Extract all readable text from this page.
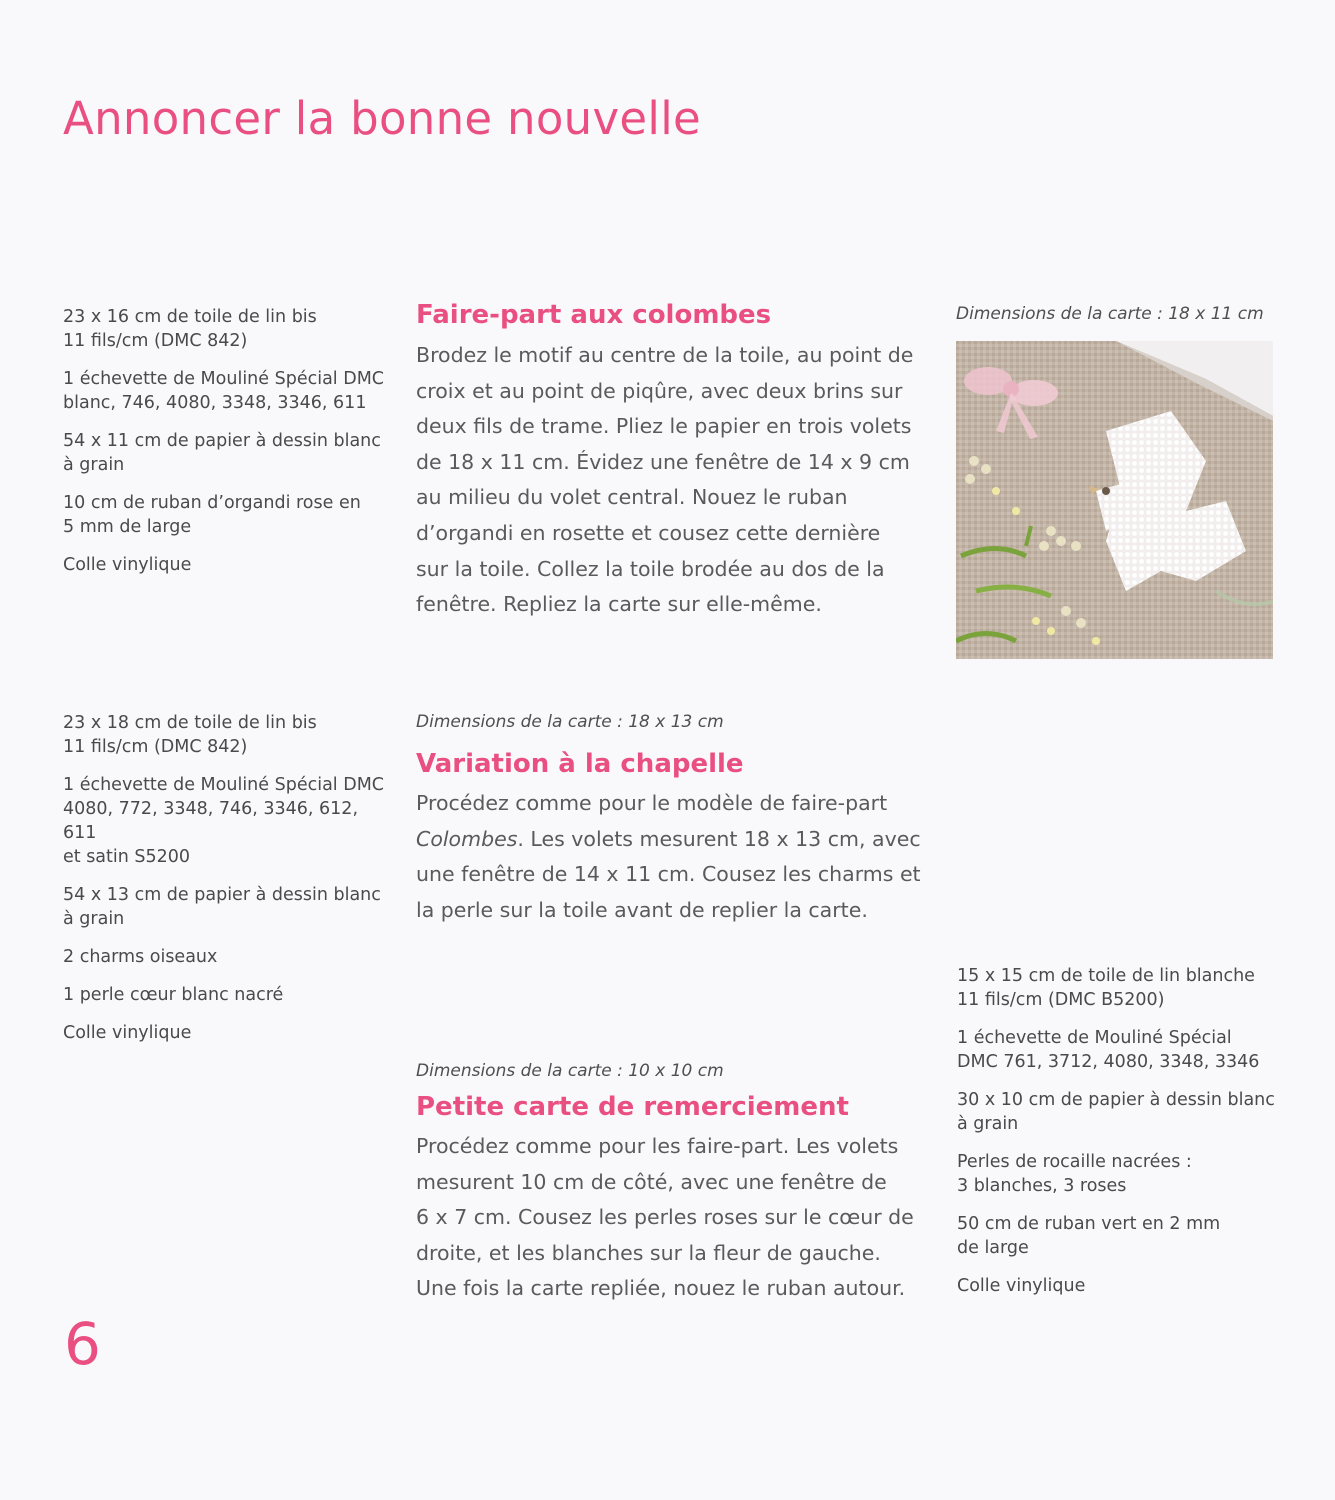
Annoncer la bonne nouvelle
23 x 16 cm de toile de lin bis
11 fils/cm (DMC 842)
1 échevette de Mouliné Spécial DMC
blanc, 746, 4080, 3348, 3346, 611
54 x 11 cm de papier à dessin blanc
à grain
10 cm de ruban d’organdi rose en
5 mm de large
Colle vinylique
Faire-part aux colombes

Brodez le motif au centre de la toile, au point de
croix et au point de piqûre, avec deux brins sur
deux fils de trame. Pliez le papier en trois volets
de 18 x 11 cm. Évidez une fenêtre de 14 x 9 cm
au milieu du volet central. Nouez le ruban
d’organdi en rosette et cousez cette dernière
sur la toile. Collez la toile brodée au dos de la
fenêtre. Repliez la carte sur elle-même.

Dimensions de la carte : 18 x 11 cm
23 x 18 cm de toile de lin bis
11 fils/cm (DMC 842)
1 échevette de Mouliné Spécial DMC
4080, 772, 3348, 746, 3346, 612, 611
et satin S5200
54 x 13 cm de papier à dessin blanc
à grain
2 charms oiseaux
1 perle cœur blanc nacré
Colle vinylique
Dimensions de la carte : 18 x 13 cm
Variation à la chapelle

Procédez comme pour le modèle de faire-part
Colombes. Les volets mesurent 18 x 13 cm, avec
une fenêtre de 14 x 11 cm. Cousez les charms et
la perle sur la toile avant de replier la carte.

Dimensions de la carte : 10 x 10 cm
Petite carte de remerciement

Procédez comme pour les faire-part. Les volets
mesurent 10 cm de côté, avec une fenêtre de
6 x 7 cm. Cousez les perles roses sur le cœur de
droite, et les blanches sur la fleur de gauche.
Une fois la carte repliée, nouez le ruban autour.

15 x 15 cm de toile de lin blanche
11 fils/cm (DMC B5200)
1 échevette de Mouliné Spécial
DMC 761, 3712, 4080, 3348, 3346
30 x 10 cm de papier à dessin blanc
à grain
Perles de rocaille nacrées :
3 blanches, 3 roses
50 cm de ruban vert en 2 mm
de large
Colle vinylique
6
